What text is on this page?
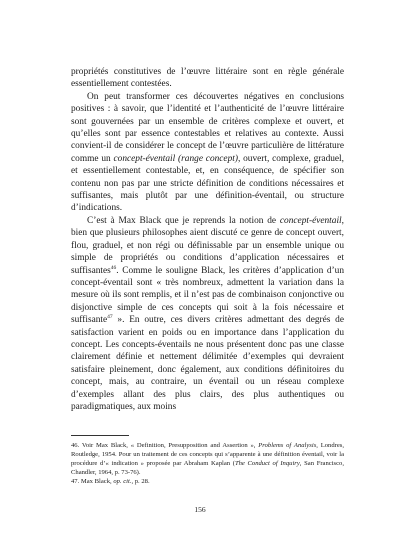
propriétés constitutives de l’œuvre littéraire sont en règle générale essentiellement contestées.

On peut transformer ces découvertes négatives en conclusions positives : à savoir, que l’identité et l’authenticité de l’œuvre littéraire sont gouvernées par un ensemble de critères complexe et ouvert, et qu’elles sont par essence contestables et relatives au contexte. Aussi convient-il de considérer le concept de l’œuvre particulière de littérature comme un concept-éventail (range concept), ouvert, complexe, graduel, et essentiellement contestable, et, en conséquence, de spécifier son contenu non pas par une stricte définition de conditions nécessaires et suffisantes, mais plutôt par une définition-éventail, ou structure d’indications.

C’est à Max Black que je reprends la notion de concept-éventail, bien que plusieurs philosophes aient discuté ce genre de concept ouvert, flou, graduel, et non régi ou définissable par un ensemble unique ou simple de propriétés ou conditions d’application nécessaires et suffisantes$^{46}$. Comme le souligne Black, les critères d’application d’un concept-éventail sont « très nombreux, admettent la variation dans la mesure où ils sont remplis, et il n’est pas de combinaison conjonctive ou disjonctive simple de ces concepts qui soit à la fois nécessaire et suffisante$^{47}$ ». En outre, ces divers critères admettant des degrés de satisfaction varient en poids ou en importance dans l’application du concept. Les concepts-éventails ne nous présentent donc pas une classe clairement définie et nettement délimitée d’exemples qui devraient satisfaire pleinement, donc également, aux conditions définitoires du concept, mais, au contraire, un éventail ou un réseau complexe d’exemples allant des plus clairs, des plus authentiques ou paradigmatiques, aux moins

46. Voir Max Black, « Definition, Presupposition and Assertion », Problems of Analysis, Londres, Routledge, 1954. Pour un traitement de ces concepts qui s’apparente à une définition éventail, voir la procédure d’« indication » proposée par Abraham Kaplan (The Conduct of Inquiry, San Francisco, Chandler, 1964, p. 73-76).

47. Max Black, op. cit., p. 28.

156
